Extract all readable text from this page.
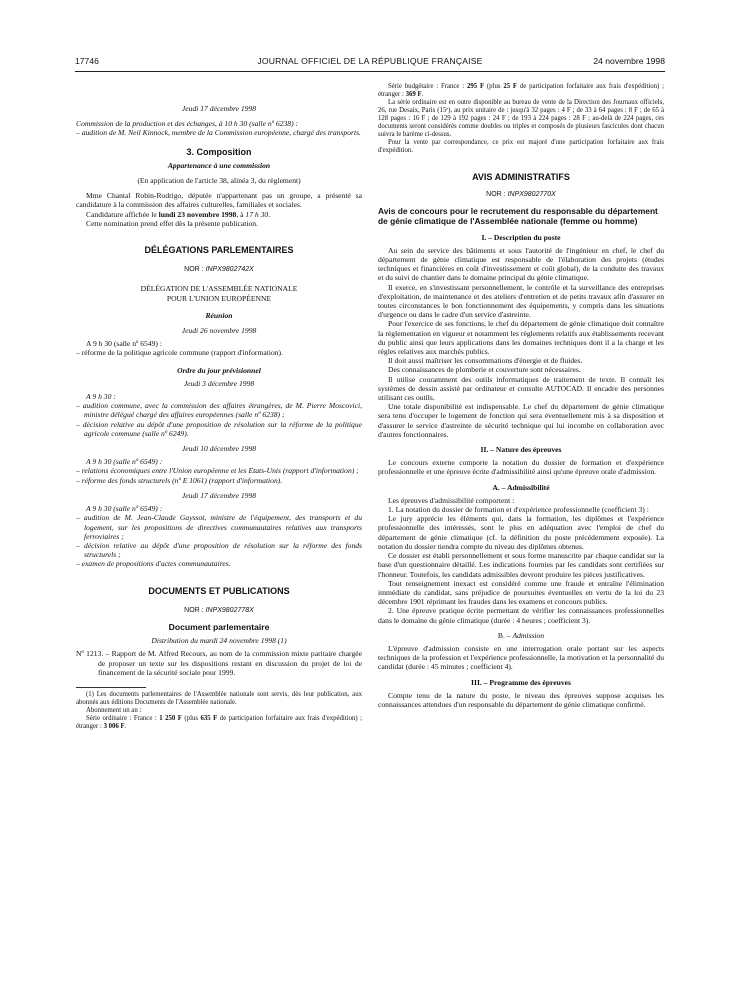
17746	JOURNAL OFFICIEL DE LA RÉPUBLIQUE FRANÇAISE	24 novembre 1998

Jeudi 17 décembre 1998

Commission de la production et des échanges, à 10 h 30 (salle nº 6238) :

– audition de M. Neil Kinnock, membre de la Commission européenne, chargé des transports.

3. Composition

Appartenance à une commission

(En application de l'article 38, alinéa 3, du règlement)

Mme Chantal Robin-Rodrigo, députée n'appartenant pas un groupe, a présenté sa candidature à la commission des affaires culturelles, familiales et sociales.

Candidature affichée le lundi 23 novembre 1998, à 17 h 30.

Cette nomination prend effet dès la présente publication.

DÉLÉGATIONS PARLEMENTAIRES

NOR : INPX9802742X

DÉLÉGATION DE L'ASSEMBLÉE NATIONALE

POUR L'UNION EUROPÉENNE

Réunion

Jeudi 26 novembre 1998

A 9 h 30 (salle nº 6549) :

– réforme de la politique agricole commune (rapport d'information).

Ordre du jour prévisionnel

Jeudi 3 décembre 1998

A 9 h 30 :

– audition commune, avec la commission des affaires étrangères, de M. Pierre Moscovici, ministre délégué chargé des affaires européennes (salle nº 6238) ;

– décision relative au dépôt d'une proposition de résolution sur la réforme de la politique agricole commune (salle nº 6249).

Jeudi 10 décembre 1998

A 9 h 30 (salle nº 6549) :

– relations économiques entre l'Union européenne et les Etats-Unis (rapport d'information) ;

– réforme des fonds structurels (nº E 1061) (rapport d'information).

Jeudi 17 décembre 1998

A 9 h 30 (salle nº 6549) :

– audition de M. Jean-Claude Gayssot, ministre de l'équipement, des transports et du logement, sur les propositions de directives communautaires relatives aux transports ferroviaires ;

– décision relative au dépôt d'une proposition de résolution sur la réforme des fonds structurels ;

– examen de propositions d'actes communautaires.

DOCUMENTS ET PUBLICATIONS

NOR : INPX9802778X

Document parlementaire

Distribution du mardi 24 novembre 1998 (1)

Nº 1213. – Rapport de M. Alfred Recours, au nom de la commission mixte paritaire chargée de proposer un texte sur les dispositions restant en discussion du projet de loi de financement de la sécurité sociale pour 1999.

(1) Les documents parlementaires de l'Assemblée nationale sont servis, dès leur publication, aux abonnés aux éditions Documents de l'Assemblée nationale.

Abonnement un an :

Série ordinaire : France : 1 250 F (plus 635 F de participation forfaitaire aux frais d'expédition) ; étranger : 3 006 F.

Série budgétaire : France : 295 F (plus 25 F de participation forfaitaire aux frais d'expédition) ; étranger : 369 F.

La série ordinaire est en outre disponible au bureau de vente de la Direction des Journaux officiels, 26, rue Desaix, Paris (15ᵉ), au prix unitaire de : jusqu'à 32 pages : 4 F ; de 33 à 64 pages : 8 F ; de 65 à 128 pages : 16 F ; de 129 à 192 pages : 24 F ; de 193 à 224 pages : 28 F ; au-delà de 224 pages, ces documents seront considérés comme doubles ou triples et composés de plusieurs fascicules dont chacun suivra le barème ci-dessus.

Pour la vente par correspondance, ce prix est majoré d'une participation forfaitaire aux frais d'expédition.

AVIS ADMINISTRATIFS

NOR : INPX9802770X

Avis de concours pour le recrutement du responsable du département de génie climatique de l'Assemblée nationale (femme ou homme)

I. – Description du poste

Au sein du service des bâtiments et sous l'autorité de l'ingénieur en chef, le chef du département de génie climatique est responsable de l'élaboration des projets (études techniques et financières en coût d'investissement et coût global), de la conduite des travaux et du suivi de chantier dans le domaine principal du génie climatique.

Il exerce, en s'investissant personnellement, le contrôle et la surveillance des entreprises d'exploitation, de maintenance et des ateliers d'entretien et de petits travaux afin d'assurer en toutes circonstances le bon fonctionnement des équipements, y compris dans les situations d'urgence ou dans le cadre d'un service d'astreinte.

Pour l'exercice de ses fonctions, le chef du département de génie climatique doit connaître la réglementation en vigueur et notamment les règlements relatifs aux établissements recevant du public ainsi que leurs applications dans les domaines techniques dont il a la charge et les règles relatives aux marchés publics.

Il doit aussi maîtriser les consommations d'énergie et de fluides.

Des connaissances de plomberie et couverture sont nécessaires.

Il utilise couramment des outils informatiques de traitement de texte. Il connaît les systèmes de dessin assisté par ordinateur et consulte AUTOCAD. Il encadre des personnes utilisant ces outils.

Une totale disponibilité est indispensable. Le chef du département de génie climatique sera tenu d'occuper le logement de fonction qui sera éventuellement mis à sa disposition et d'assurer le service d'astreinte de sécurité technique qui lui incombe en collaboration avec d'autres fonctionnaires.

II. – Nature des épreuves

Le concours externe comporte la notation du dossier de formation et d'expérience professionnelle et une épreuve écrite d'admissibilité ainsi qu'une épreuve orale d'admission.

A. – Admissibilité

Les épreuves d'admissibilité comportent :

1. La notation du dossier de formation et d'expérience professionnelle (coefficient 3) :

Le jury apprécie les éléments qui, dans la formation, les diplômes et l'expérience professionnelle des intéressés, sont le plus en adéquation avec l'emploi de chef du département de génie climatique (cf. la définition du poste précédemment exposée). La notation du dossier tiendra compte du niveau des diplômes obtenus.

Ce dossier est établi personnellement et sous forme manuscrite par chaque candidat sur la base d'un questionnaire détaillé. Les indications fournies par les candidats sont certifiées sur l'honneur. Toutefois, les candidats admissibles devront produire les pièces justificatives.

Tout renseignement inexact est considéré comme une fraude et entraîne l'élimination immédiate du candidat, sans préjudice de poursuites éventuelles en vertu de la loi du 23 décembre 1901 réprimant les fraudes dans les examens et concours publics.

2. Une épreuve pratique écrite permettant de vérifier les connaissances professionnelles dans le domaine du génie climatique (durée : 4 heures ; coefficient 3).

B. – Admission

L'épreuve d'admission consiste en une interrogation orale portant sur les aspects techniques de la profession et l'expérience professionnelle, la motivation et la personnalité du candidat (durée : 45 minutes ; coefficient 4).

III. – Programme des épreuves

Compte tenu de la nature du poste, le niveau des épreuves suppose acquises les connaissances attendues d'un responsable du département de génie climatique confirmé.
